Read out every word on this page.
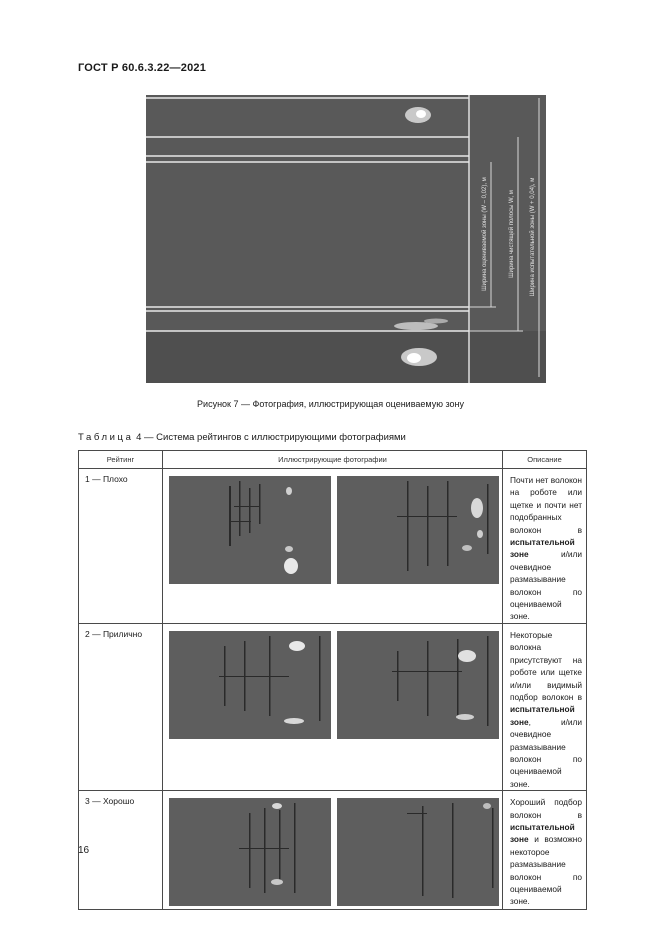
ГОСТ Р 60.6.3.22—2021
Ширина оцениваемой зоны (W – 0,02), м	Ширина чистящей полосы W, м	Ширина испытательной зоны (W + 0,04), м
Рисунок 7 — Фотография, иллюстрирующая оцениваемую зону
Таблица 4 — Система рейтингов с иллюстрирующими фотографиями
Рейтинг	Иллюстрирующие фотографии	Описание
1 — Плохо		Почти нет волокон на роботе или щетке и почти нет подобранных волокон в испытательной зоне и/или очевидное размазывание волокон по оцениваемой зоне.
2 — Прилично		Некоторые волокна присутствуют на роботе или щетке и/или видимый подбор волокон в испытательной зоне, и/или очевидное размазывание волокон по оцениваемой зоне.
3 — Хорошо		Хороший подбор волокон в испытательной зоне и возможно некоторое размазывание волокон по оцениваемой зоне.
16
